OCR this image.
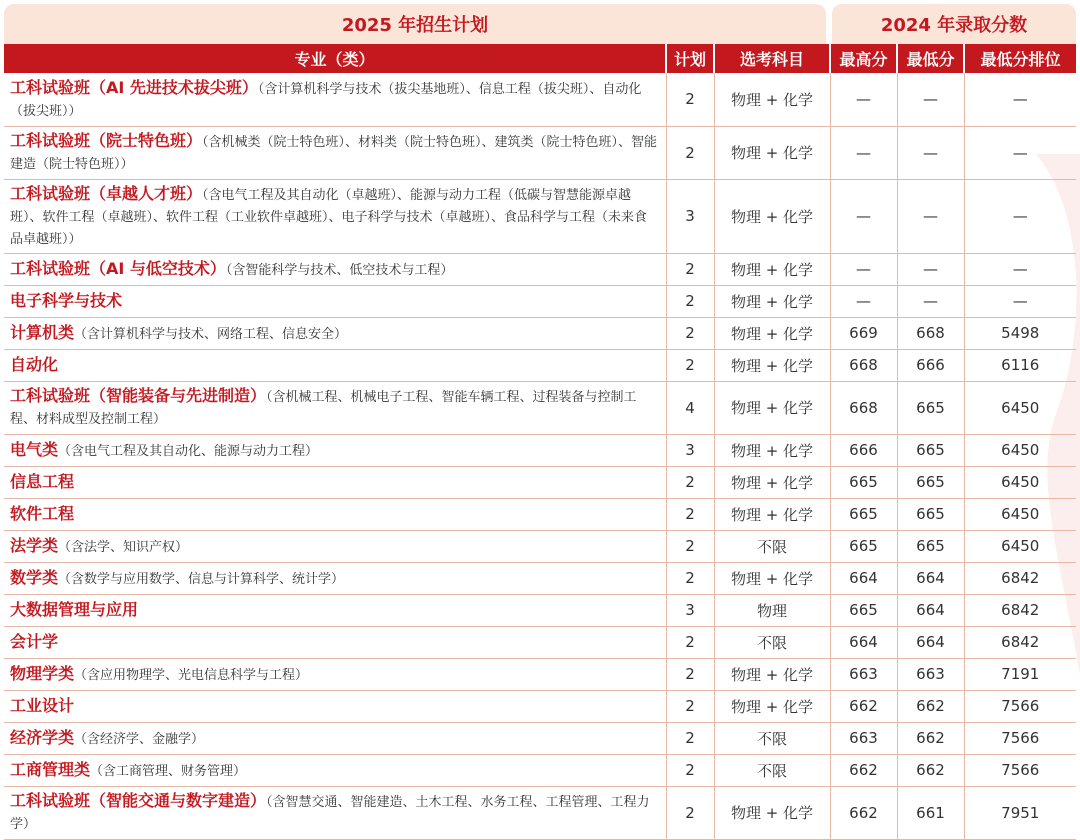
2025 年招生计划	2024 年录取分数
专业（类）	计划	选考科目	最高分	最低分	最低分排位
工科试验班（AI 先进技术拔尖班）（含计算机科学与技术（拔尖基地班）、信息工程（拔尖班）、自动化（拔尖班））	2	物理 + 化学	—	—	—
工科试验班（院士特色班）（含机械类（院士特色班）、材料类（院士特色班）、建筑类（院士特色班）、智能建造（院士特色班））	2	物理 + 化学	—	—	—
工科试验班（卓越人才班）（含电气工程及其自动化（卓越班）、能源与动力工程（低碳与智慧能源卓越班）、软件工程（卓越班）、软件工程（工业软件卓越班）、电子科学与技术（卓越班）、食品科学与工程（未来食品卓越班））	3	物理 + 化学	—	—	—
工科试验班（AI 与低空技术）（含智能科学与技术、低空技术与工程）	2	物理 + 化学	—	—	—
电子科学与技术	2	物理 + 化学	—	—	—
计算机类（含计算机科学与技术、网络工程、信息安全）	2	物理 + 化学	669	668	5498
自动化	2	物理 + 化学	668	666	6116
工科试验班（智能装备与先进制造）（含机械工程、机械电子工程、智能车辆工程、过程装备与控制工程、材料成型及控制工程）	4	物理 + 化学	668	665	6450
电气类（含电气工程及其自动化、能源与动力工程）	3	物理 + 化学	666	665	6450
信息工程	2	物理 + 化学	665	665	6450
软件工程	2	物理 + 化学	665	665	6450
法学类（含法学、知识产权）	2	不限	665	665	6450
数学类（含数学与应用数学、信息与计算科学、统计学）	2	物理 + 化学	664	664	6842
大数据管理与应用	3	物理	665	664	6842
会计学	2	不限	664	664	6842
物理学类（含应用物理学、光电信息科学与工程）	2	物理 + 化学	663	663	7191
工业设计	2	物理 + 化学	662	662	7566
经济学类（含经济学、金融学）	2	不限	663	662	7566
工商管理类（含工商管理、财务管理）	2	不限	662	662	7566
工科试验班（智能交通与数字建造）（含智慧交通、智能建造、土木工程、水务工程、工程管理、工程力学）	2	物理 + 化学	662	661	7951
